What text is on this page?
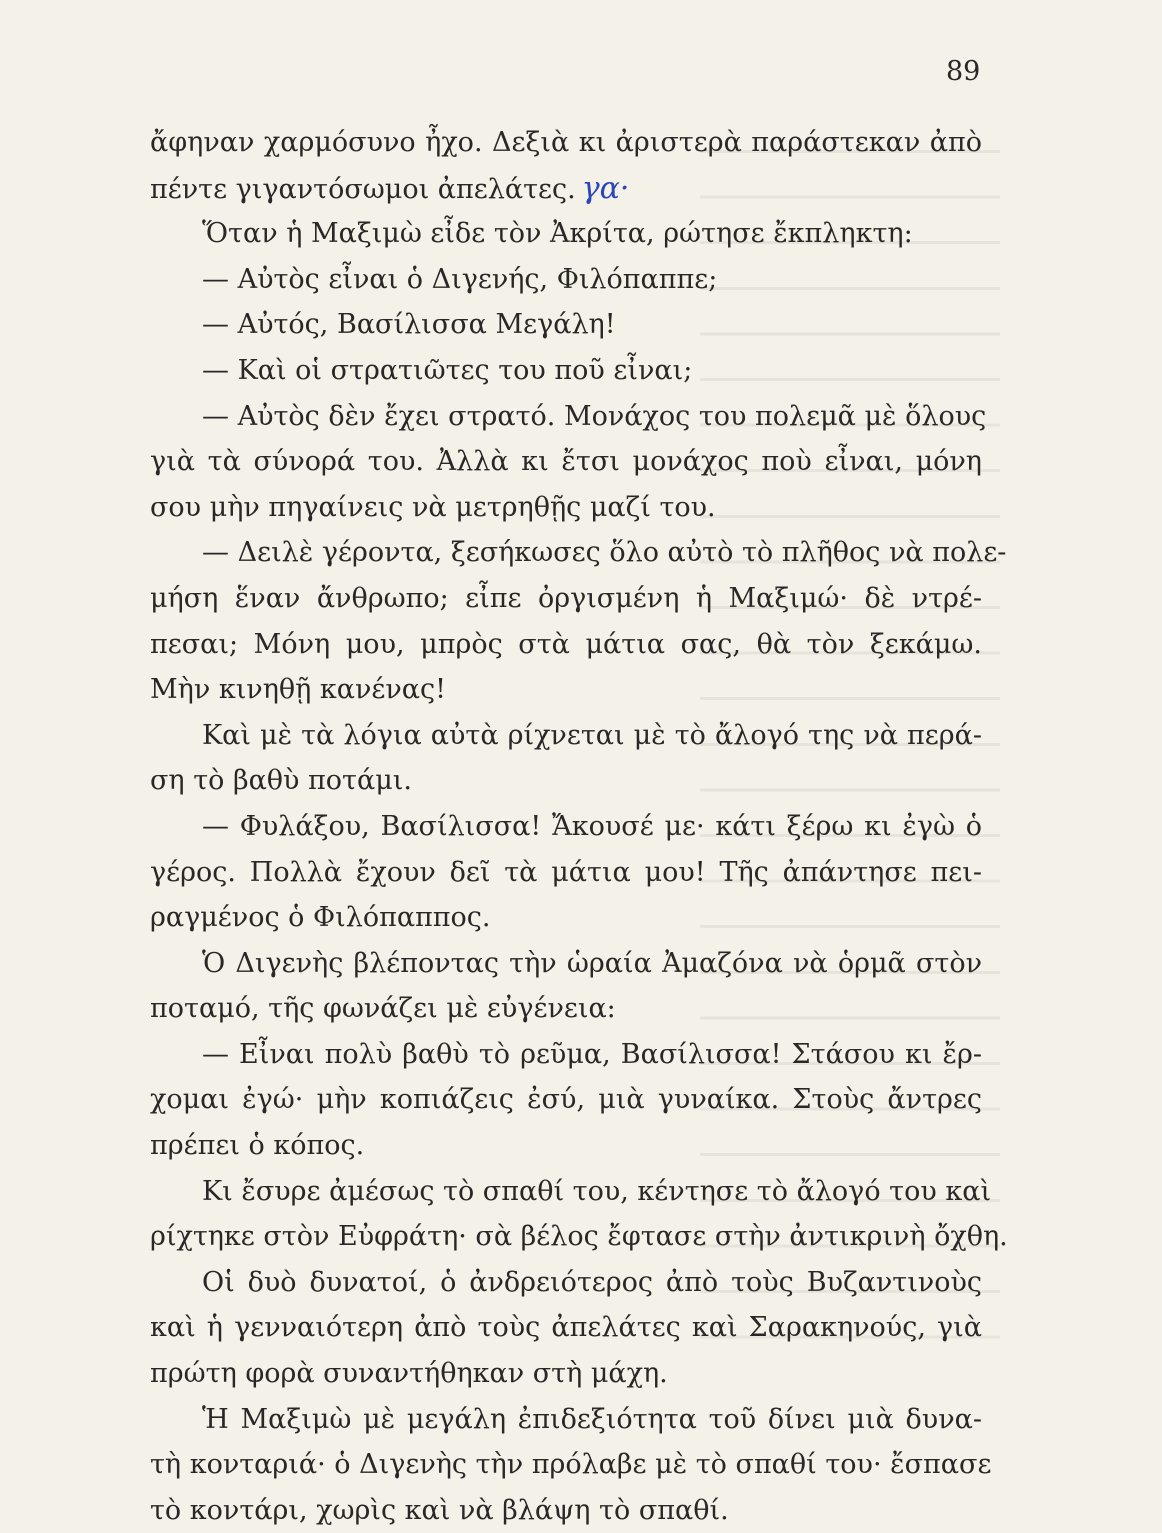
89
ἄφηναν χαρμόσυνο ἦχο. Δεξιὰ κι ἀριστερὰ παράστεκαν ἀπὸ
πέντε γιγαντόσωμοι ἀπελάτες. γα·
Ὅταν ἡ Μαξιμὼ εἶδε τὸν Ἀκρίτα, ρώτησε ἔκπληκτη:
— Αὐτὸς εἶναι ὁ Διγενής, Φιλόπαππε;
— Αὐτός, Βασίλισσα Μεγάλη!
— Καὶ οἱ στρατιῶτες του ποῦ εἶναι;
— Αὐτὸς δὲν ἔχει στρατό. Μονάχος του πολεμᾶ μὲ ὅλους
γιὰ τὰ σύνορά του. Ἀλλὰ κι ἔτσι μονάχος ποὺ εἶναι, μόνη
σου μὴν πηγαίνεις νὰ μετρηθῇς μαζί του.
— Δειλὲ γέροντα, ξεσήκωσες ὅλο αὐτὸ τὸ πλῆθος νὰ πολε-
μήση ἕναν ἄνθρωπο; εἶπε ὀργισμένη ἡ Μαξιμώ· δὲ ντρέ-
πεσαι; Μόνη μου, μπρὸς στὰ μάτια σας, θὰ τὸν ξεκάμω.
Μὴν κινηθῇ κανένας!
Καὶ μὲ τὰ λόγια αὐτὰ ρίχνεται μὲ τὸ ἄλογό της νὰ περά-
ση τὸ βαθὺ ποτάμι.
— Φυλάξου, Βασίλισσα! Ἄκουσέ με· κάτι ξέρω κι ἐγὼ ὁ
γέρος. Πολλὰ ἔχουν δεῖ τὰ μάτια μου! Τῆς ἀπάντησε πει-
ραγμένος ὁ Φιλόπαππος.
Ὁ Διγενὴς βλέποντας τὴν ὡραία Ἀμαζόνα νὰ ὁρμᾶ στὸν
ποταμό, τῆς φωνάζει μὲ εὐγένεια:
— Εἶναι πολὺ βαθὺ τὸ ρεῦμα, Βασίλισσα! Στάσου κι ἔρ-
χομαι ἐγώ· μὴν κοπιάζεις ἐσύ, μιὰ γυναίκα. Στοὺς ἄντρες
πρέπει ὁ κόπος.
Κι ἔσυρε ἀμέσως τὸ σπαθί του, κέντησε τὸ ἄλογό του καὶ
ρίχτηκε στὸν Εὐφράτη· σὰ βέλος ἔφτασε στὴν ἀντικρινὴ ὄχθη.
Οἱ δυὸ δυνατοί, ὁ ἀνδρειότερος ἀπὸ τοὺς Βυζαντινοὺς
καὶ ἡ γενναιότερη ἀπὸ τοὺς ἀπελάτες καὶ Σαρακηνούς, γιὰ
πρώτη φορὰ συναντήθηκαν στὴ μάχη.
Ἡ Μαξιμὼ μὲ μεγάλη ἐπιδεξιότητα τοῦ δίνει μιὰ δυνα-
τὴ κονταριά· ὁ Διγενὴς τὴν πρόλαβε μὲ τὸ σπαθί του· ἔσπασε
τὸ κοντάρι, χωρὶς καὶ νὰ βλάψη τὸ σπαθί.
